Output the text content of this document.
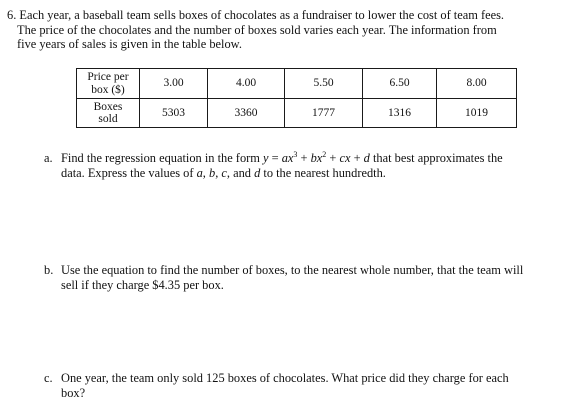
6. Each year, a baseball team sells boxes of chocolates as a fundraiser to lower the cost of team fees.
The price of the chocolates and the number of boxes sold varies each year. The information from
five years of sales is given in the table below.
Price per
box ($)	3.00	4.00	5.50	6.50	8.00

Boxes
sold	5303	3360	1777	1316	1019
a. Find the regression equation in the form $y = ax^3 + bx^2$ + cx + d that best approximates the
data. Express the values of a, b, c, and d to the nearest hundredth.
b. Use the equation to find the number of boxes, to the nearest whole number, that the team will
sell if they charge $4.35 per box.
c. One year, the team only sold 125 boxes of chocolates. What price did they charge for each
box?
